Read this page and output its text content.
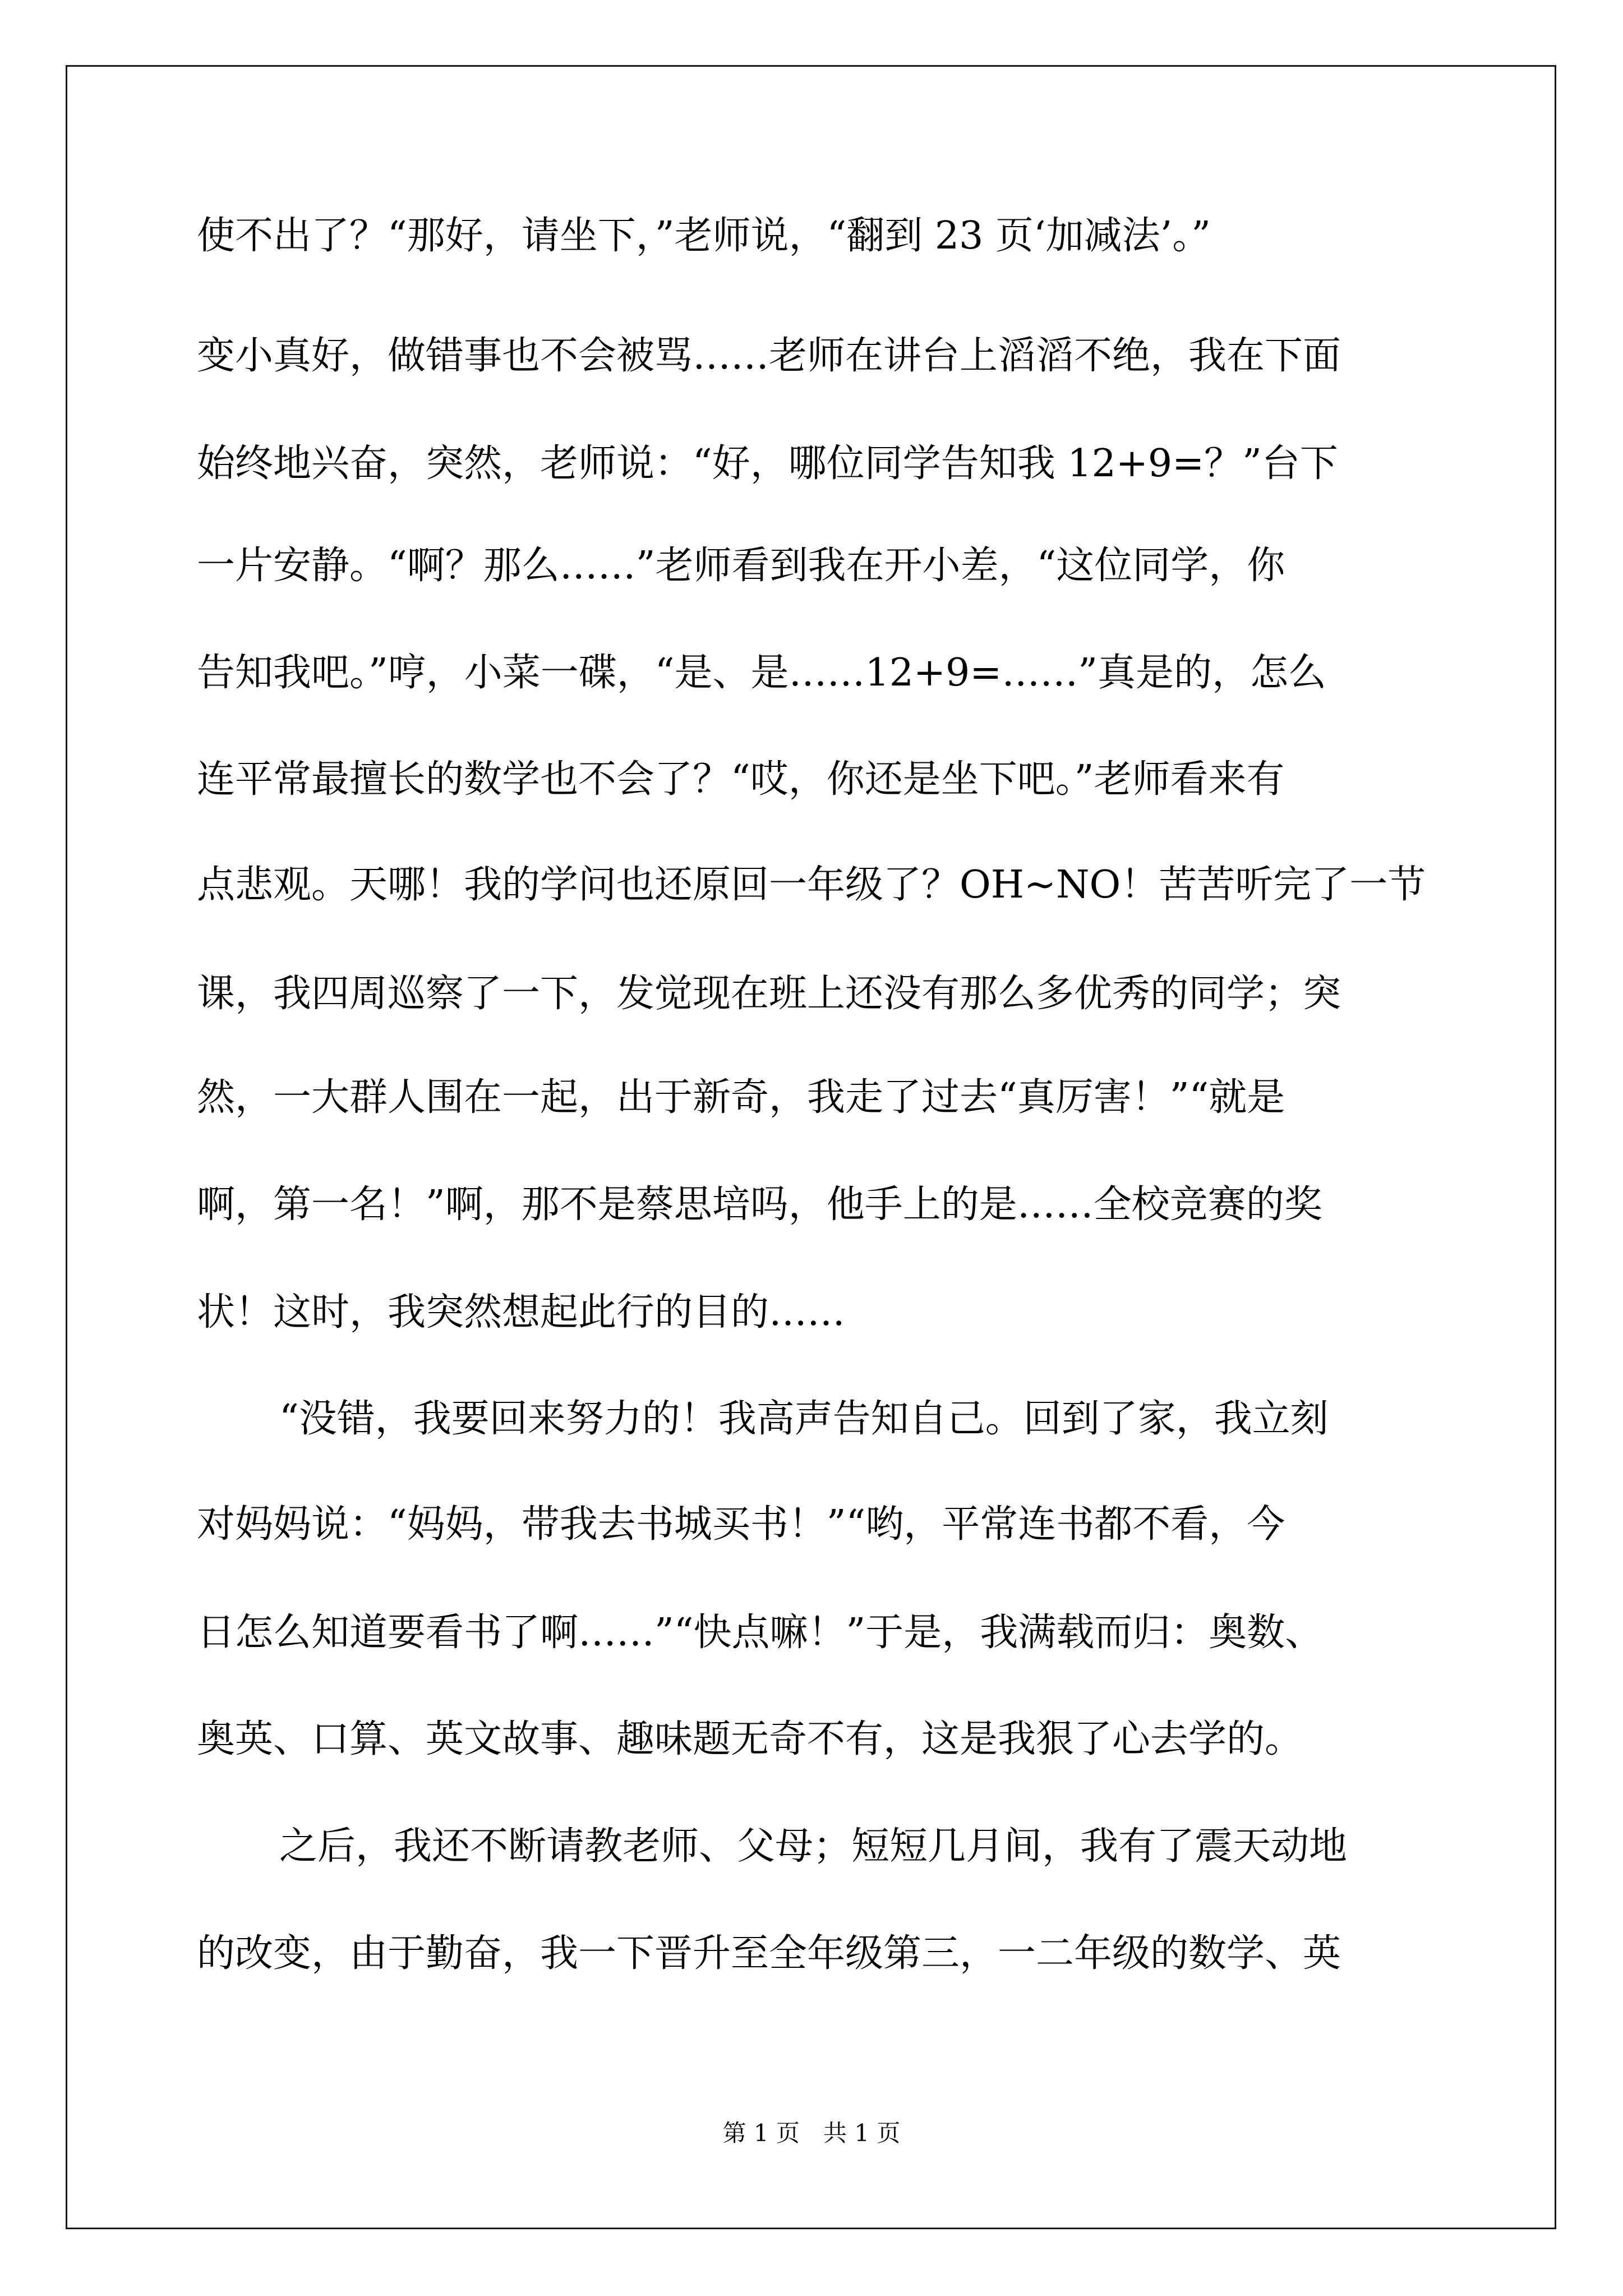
使不出了？“那好，请坐下，”老师说，“翻到 23 页‘加减法’。”
变小真好，做错事也不会被骂……老师在讲台上滔滔不绝，我在下面
始终地兴奋，突然，老师说：“好，哪位同学告知我 12+9=？”台下
一片安静。“啊？那么……”老师看到我在开小差，“这位同学，你
告知我吧。”哼，小菜一碟，“是、是……12+9=……”真是的，怎么
连平常最擅长的数学也不会了？“哎，你还是坐下吧。”老师看来有
点悲观。天哪！我的学问也还原回一年级了？OH~NO！苦苦听完了一节
课，我四周巡察了一下，发觉现在班上还没有那么多优秀的同学；突
然，一大群人围在一起，出于新奇，我走了过去“真厉害！”“就是
啊，第一名！”啊，那不是蔡思培吗，他手上的是……全校竞赛的奖
状！这时，我突然想起此行的目的……
“没错，我要回来努力的！我高声告知自己。回到了家，我立刻
对妈妈说：“妈妈，带我去书城买书！”“哟，平常连书都不看，今
日怎么知道要看书了啊……”“快点嘛！”于是，我满载而归：奥数、
奥英、口算、英文故事、趣味题无奇不有，这是我狠了心去学的。
之后，我还不断请教老师、父母；短短几月间，我有了震天动地
的改变，由于勤奋，我一下晋升至全年级第三，一二年级的数学、英
第 1 页　共 1 页
